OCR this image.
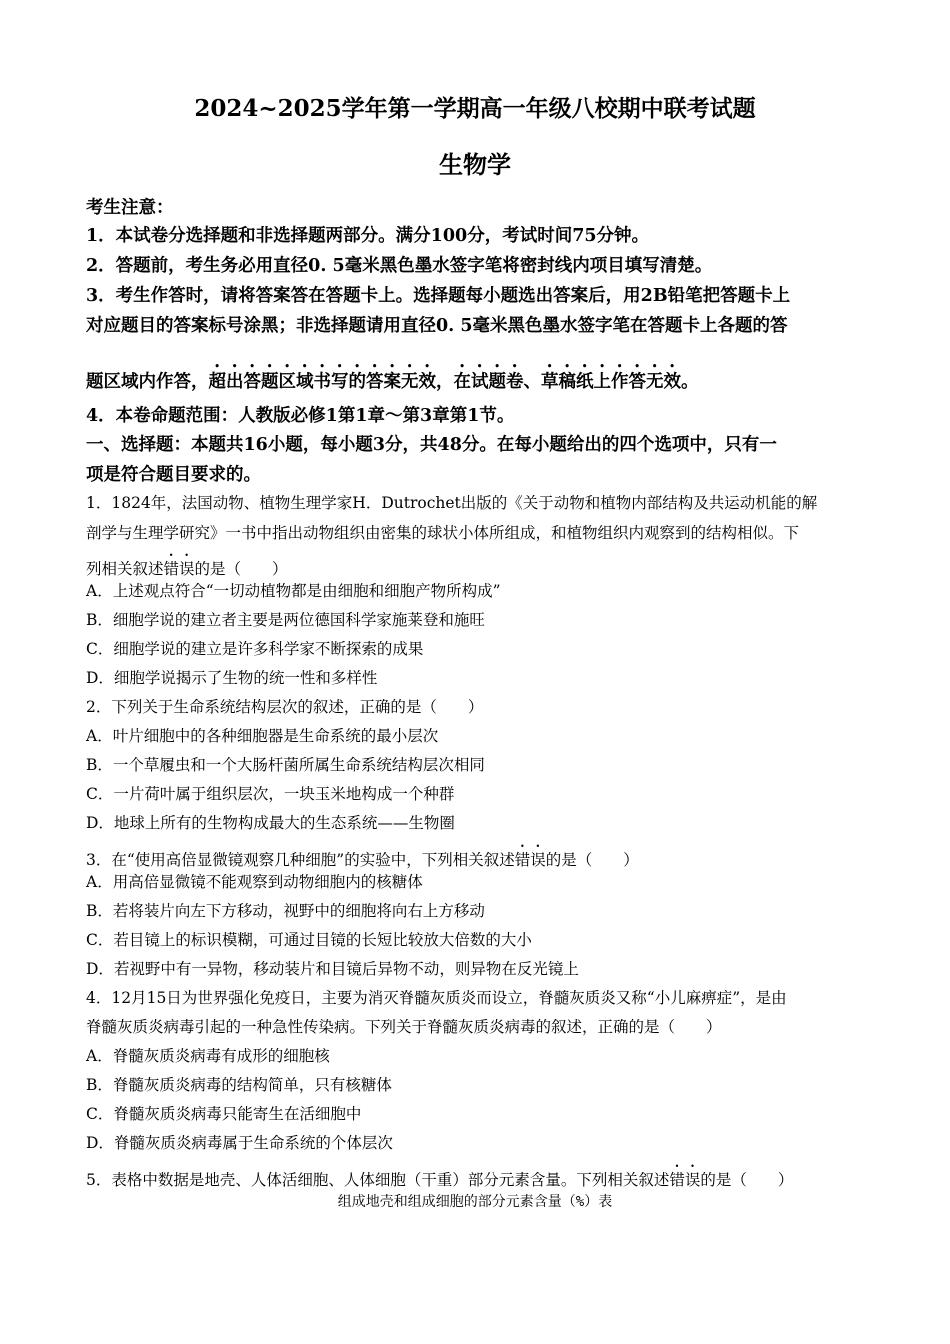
2024~2025学年第一学期高一年级八校期中联考试题
生物学
考生注意：
1．本试卷分选择题和非选择题两部分。满分100分，考试时间75分钟。
2．答题前，考生务必用直径0. 5毫米黑色墨水签字笔将密封线内项目填写清楚。
3．考生作答时，请将答案答在答题卡上。选择题每小题选出答案后，用2B铅笔把答题卡上
对应题目的答案标号涂黑；非选择题请用直径0. 5毫米黑色墨水签字笔在答题卡上各题的答
题区域内作答，超出答题区域书写的答案无效，在试题卷、草稿纸上作答无效。
4．本卷命题范围：人教版必修1第1章～第3章第1节。
一、选择题：本题共16小题，每小题3分，共48分。在每小题给出的四个选项中，只有一
项是符合题目要求的。
1．1824年，法国动物、植物生理学家H．Dutrochet出版的《关于动物和植物内部结构及共运动机能的解
剖学与生理学研究》一书中指出动物组织由密集的球状小体所组成，和植物组织内观察到的结构相似。下
列相关叙述错误的是（　　）
A．上述观点符合“一切动植物都是由细胞和细胞产物所构成”
B．细胞学说的建立者主要是两位德国科学家施莱登和施旺
C．细胞学说的建立是许多科学家不断探索的成果
D．细胞学说揭示了生物的统一性和多样性
2．下列关于生命系统结构层次的叙述，正确的是（　　）
A．叶片细胞中的各种细胞器是生命系统的最小层次
B．一个草履虫和一个大肠杆菌所属生命系统结构层次相同
C．一片荷叶属于组织层次，一块玉米地构成一个种群
D．地球上所有的生物构成最大的生态系统——生物圈
3．在“使用高倍显微镜观察几种细胞”的实验中，下列相关叙述错误的是（　　）
A．用高倍显微镜不能观察到动物细胞内的核糖体
B．若将装片向左下方移动，视野中的细胞将向右上方移动
C．若目镜上的标识模糊，可通过目镜的长短比较放大倍数的大小
D．若视野中有一异物，移动装片和目镜后异物不动，则异物在反光镜上
4．12月15日为世界强化免疫日，主要为消灭脊髓灰质炎而设立，脊髓灰质炎又称“小儿麻痹症”，是由
脊髓灰质炎病毒引起的一种急性传染病。下列关于脊髓灰质炎病毒的叙述，正确的是（　　）
A．脊髓灰质炎病毒有成形的细胞核
B．脊髓灰质炎病毒的结构简单，只有核糖体
C．脊髓灰质炎病毒只能寄生在活细胞中
D．脊髓灰质炎病毒属于生命系统的个体层次
5．表格中数据是地壳、人体活细胞、人体细胞（干重）部分元素含量。下列相关叙述错误的是（　　）
组成地壳和组成细胞的部分元素含量（%）表
